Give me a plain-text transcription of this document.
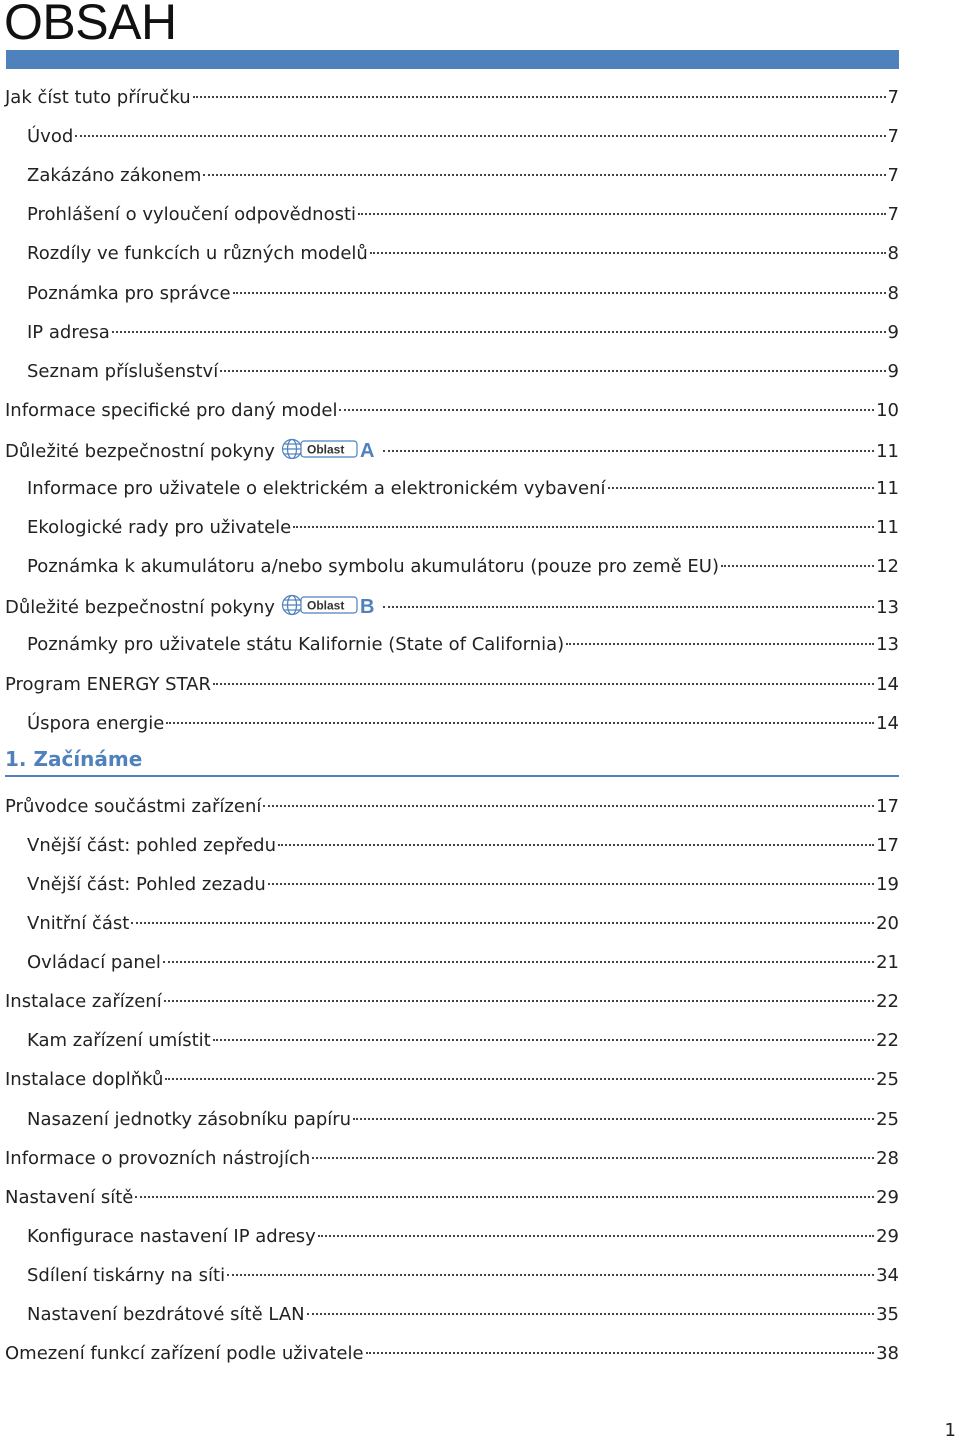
OBSAH
Jak číst tuto příručku	7
Úvod	7
Zakázáno zákonem	7
Prohlášení o vyloučení odpovědnosti	7
Rozdíly ve funkcích u různých modelů	8
Poznámka pro správce	8
IP adresa	9
Seznam příslušenství	9
Informace specifické pro daný model	10
Důležité bezpečnostní pokyny	Oblast A	11
Informace pro uživatele o elektrickém a elektronickém vybavení	11
Ekologické rady pro uživatele	11
Poznámka k akumulátoru a/nebo symbolu akumulátoru (pouze pro země EU)	12
Důležité bezpečnostní pokyny	Oblast B	13
Poznámky pro uživatele státu Kalifornie (State of California)	13
Program ENERGY STAR	14
Úspora energie	14
1. Začínáme
Průvodce součástmi zařízení	17
Vnější část: pohled zepředu	17
Vnější část: Pohled zezadu	19
Vnitřní část	20
Ovládací panel	21
Instalace zařízení	22
Kam zařízení umístit	22
Instalace doplňků	25
Nasazení jednotky zásobníku papíru	25
Informace o provozních nástrojích	28
Nastavení sítě	29
Konfigurace nastavení IP adresy	29
Sdílení tiskárny na síti	34
Nastavení bezdrátové sítě LAN	35
Omezení funkcí zařízení podle uživatele	38
1
